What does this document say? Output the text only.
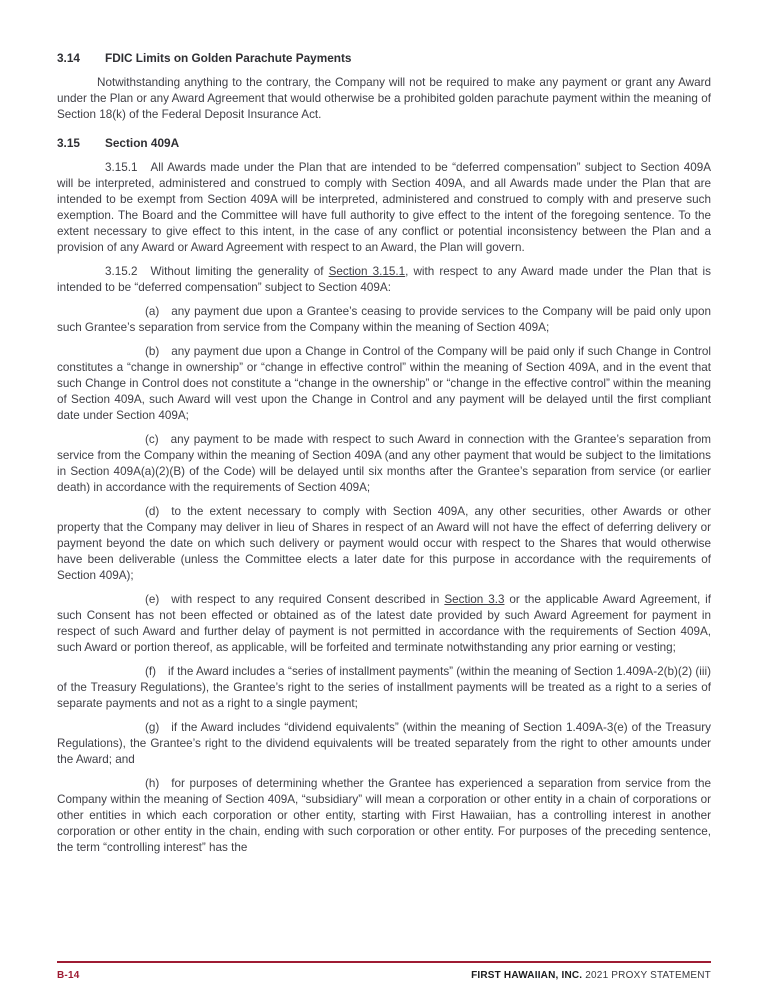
3.14	FDIC Limits on Golden Parachute Payments

Notwithstanding anything to the contrary, the Company will not be required to make any payment or grant any Award under the Plan or any Award Agreement that would otherwise be a prohibited golden parachute payment within the meaning of Section 18(k) of the Federal Deposit Insurance Act.

3.15	Section 409A

3.15.1 All Awards made under the Plan that are intended to be “deferred compensation” subject to Section 409A will be interpreted, administered and construed to comply with Section 409A, and all Awards made under the Plan that are intended to be exempt from Section 409A will be interpreted, administered and construed to comply with and preserve such exemption. The Board and the Committee will have full authority to give effect to the intent of the foregoing sentence. To the extent necessary to give effect to this intent, in the case of any conflict or potential inconsistency between the Plan and a provision of any Award or Award Agreement with respect to an Award, the Plan will govern.

3.15.2 Without limiting the generality of Section 3.15.1, with respect to any Award made under the Plan that is intended to be “deferred compensation” subject to Section 409A:

(a) any payment due upon a Grantee’s ceasing to provide services to the Company will be paid only upon such Grantee’s separation from service from the Company within the meaning of Section 409A;

(b) any payment due upon a Change in Control of the Company will be paid only if such Change in Control constitutes a “change in ownership” or “change in effective control” within the meaning of Section 409A, and in the event that such Change in Control does not constitute a “change in the ownership” or “change in the effective control” within the meaning of Section 409A, such Award will vest upon the Change in Control and any payment will be delayed until the first compliant date under Section 409A;

(c) any payment to be made with respect to such Award in connection with the Grantee’s separation from service from the Company within the meaning of Section 409A (and any other payment that would be subject to the limitations in Section 409A(a)(2)(B) of the Code) will be delayed until six months after the Grantee’s separation from service (or earlier death) in accordance with the requirements of Section 409A;

(d) to the extent necessary to comply with Section 409A, any other securities, other Awards or other property that the Company may deliver in lieu of Shares in respect of an Award will not have the effect of deferring delivery or payment beyond the date on which such delivery or payment would occur with respect to the Shares that would otherwise have been deliverable (unless the Committee elects a later date for this purpose in accordance with the requirements of Section 409A);

(e) with respect to any required Consent described in Section 3.3 or the applicable Award Agreement, if such Consent has not been effected or obtained as of the latest date provided by such Award Agreement for payment in respect of such Award and further delay of payment is not permitted in accordance with the requirements of Section 409A, such Award or portion thereof, as applicable, will be forfeited and terminate notwithstanding any prior earning or vesting;

(f) if the Award includes a “series of installment payments” (within the meaning of Section 1.409A-2(b)(2) (iii) of the Treasury Regulations), the Grantee’s right to the series of installment payments will be treated as a right to a series of separate payments and not as a right to a single payment;

(g) if the Award includes “dividend equivalents” (within the meaning of Section 1.409A-3(e) of the Treasury Regulations), the Grantee’s right to the dividend equivalents will be treated separately from the right to other amounts under the Award; and

(h) for purposes of determining whether the Grantee has experienced a separation from service from the Company within the meaning of Section 409A, “subsidiary” will mean a corporation or other entity in a chain of corporations or other entities in which each corporation or other entity, starting with First Hawaiian, has a controlling interest in another corporation or other entity in the chain, ending with such corporation or other entity. For purposes of the preceding sentence, the term “controlling interest” has the

B-14	FIRST HAWAIIAN, INC. 2021 PROXY STATEMENT
